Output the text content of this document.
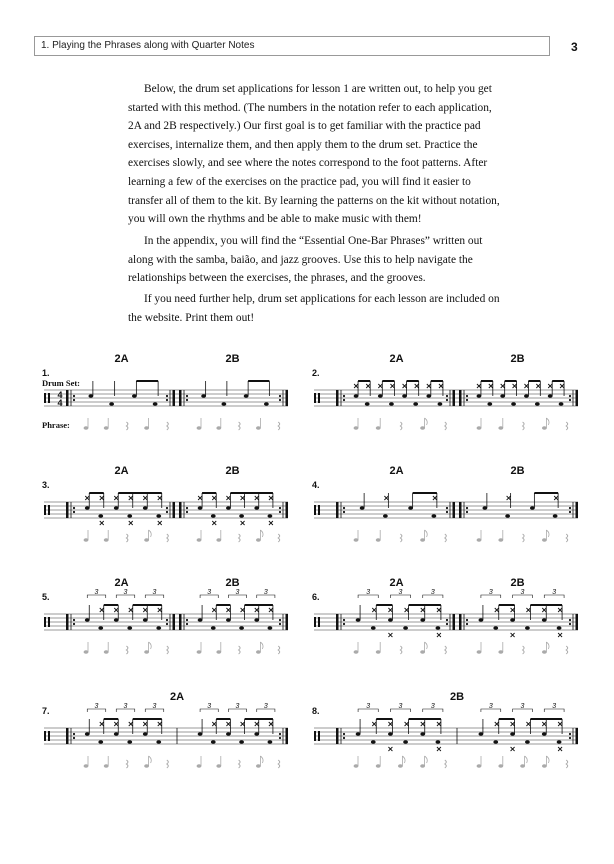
1. Playing the Phrases along with Quarter Notes	3

Below, the drum set applications for lesson 1 are written out, to help you get started with this method. (The numbers in the notation refer to each application, 2A and 2B respectively.) Our first goal is to get familiar with the practice pad exercises, internalize them, and then apply them to the drum set. Practice the exercises slowly, and see where the notes correspond to the foot patterns. After learning a few of the exercises on the practice pad, you will find it easier to transfer all of them to the kit. By learning the patterns on the kit without notation, you will own the rhythms and be able to make music with them!

In the appendix, you will find the “Essential One-Bar Phrases” written out along with the samba, baião, and jazz grooves. Use this to help navigate the relationships between the exercises, the phrases, and the grooves.

If you need further help, drum set applications for each lesson are included on the website. Print them out!

1.
Drum Set:
4
4
2A	2B
Phrase:
2.
2A	2B
3.
2A	2B
4.
2A	2B
5.
2A	2B
3	3	3	3	3	3	6.
2A	2B
3	3	3	3	3	3
7.
2A
3	3	3	3	3	3	8.
2B
3	3	3	3	3	3
